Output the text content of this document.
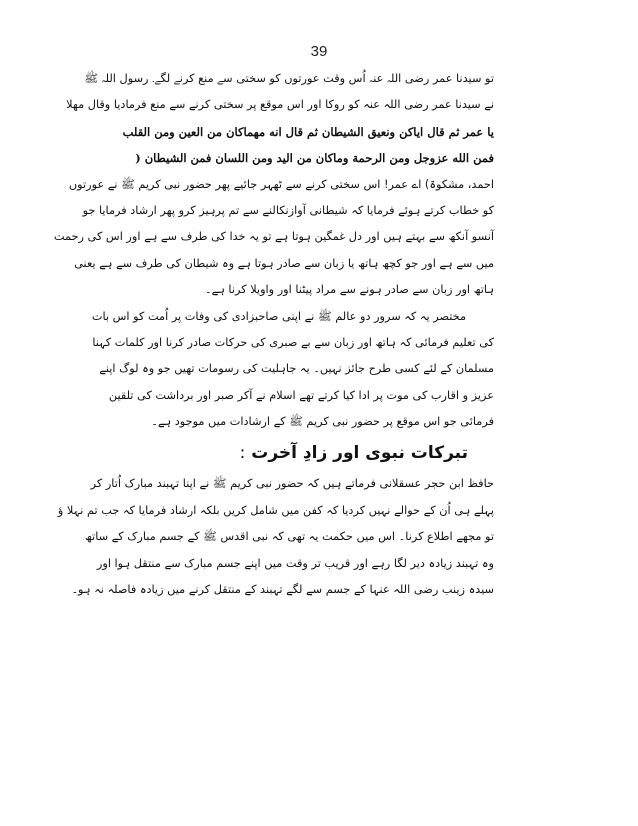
39
تو سیدنا عمر رضی اللہ عنہ اُس وقت عورتوں کو سختی سے منع کرنے لگے۔ رسول اللہ ﷺ
نے سیدنا عمر رضی اللہ عنہ کو روکا اور اس موقع پر سختی کرنے سے منع فرمادیا وقال مهلا
يا عمر ثم قال ایاکن ونعیق الشیطان ثم قال انه مهماکان من العین ومن القلب
فمن الله عزوجل ومن الرحمة وماکان من الید ومن اللسان فمن الشیطان (
احمد، مشکوۃ) اے عمر! اس سختی کرنے سے ٹھہر جائیے پھر حضور نبی کریم ﷺ نے عورتوں
کو خطاب کرتے ہوئے فرمایا کہ شیطانی آوازنکالنے سے تم پرہیز کرو پھر ارشاد فرمایا جو
آنسو آنکھ سے بہتے ہیں اور دل غمگین ہوتا ہے تو یہ خدا کی طرف سے ہے اور اس کی رحمت
میں سے ہے اور جو کچھ ہاتھ یا زبان سے صادر ہوتا ہے وہ شیطان کی طرف سے ہے یعنی
ہاتھ اور زبان سے صادر ہونے سے مراد پیٹنا اور واویلا کرنا ہے۔
مختصر یہ کہ سرور دو عالم ﷺ نے اپنی صاحبزادی کی وفات پر اُمت کو اس بات
کی تعلیم فرمائی کہ ہاتھ اور زبان سے بے صبری کی حرکات صادر کرنا اور کلمات کہنا
مسلمان کے لئے کسی طرح جائز نہیں۔ یہ جاہلیت کی رسومات تھیں جو وہ لوگ اپنے
عزیز و اقارب کی موت پر ادا کیا کرتے تھے اسلام نے آکر صبر اور برداشت کی تلقین
فرمائی جو اس موقع پر حضور نبی کریم ﷺ کے ارشادات میں موجود ہے۔
تبرکات نبوی اور زادِ آخرت :
حافظ ابن حجر عسقلانی فرماتے ہیں کہ حضور نبی کریم ﷺ نے اپنا تہبند مبارک اُتار کر
پہلے ہی اُن کے حوالے نہیں کردیا کہ کفن میں شامل کریں بلکہ ارشاد فرمایا کہ جب تم نہلا ؤ
تو مجھے اطلاع کرنا۔ اس میں حکمت یہ تھی کہ نبی اقدس ﷺ کے جسم مبارک کے ساتھ
وہ تہبند زیادہ دیر لگا رہے اور قریب تر وقت میں اپنے جسم مبارک سے منتقل ہوا اور
سیدہ زینب رضی اللہ عنہا کے جسم سے لگے تہبند کے منتقل کرنے میں زیادہ فاصلہ نہ ہو۔
